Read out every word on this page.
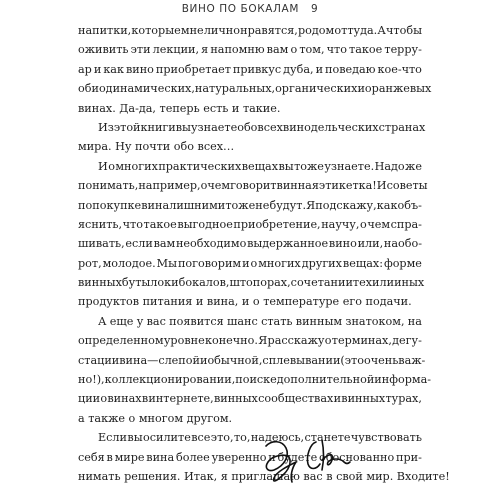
ВИНО ПО БОКАЛАМ 9
напитки, которые мне лично нравятся, родом оттуда. А чтобы
оживить эти лекции, я напомню вам о том, что такое терру-
ар и как вино приобретает привкус дуба, и поведаю кое-что
о биодинамических, натуральных, органических и оранжевых
винах. Да-да, теперь есть и такие.
Из этой книги вы узнаете обо всех винодельческих странах
мира. Ну почти обо всех…
И о многих практических вещах вы тоже узнаете. Надо же
понимать, например, о чем говорит винная этикетка! И советы
по покупке вина лишними тоже не будут. Я подскажу, как объ-
яснить, что такое выгодное приобретение, научу, о чем спра-
шивать, если вам необходимо выдержанное вино или, наобо-
рот, молодое. Мы поговорим и о многих других вещах: форме
винных бутылок и бокалов, штопорах, сочетании тех или иных
продуктов питания и вина, и о температуре его подачи.
А еще у вас появится шанс стать винным знатоком, на
определенном уровне конечно. Я расскажу о терминах, дегу-
стации вина — слепой и обычной, сплевывании (это очень важ-
но!), коллекционировании, поиске дополнительной информа-
ции о винах в интернете, винных сообществах и винных турах,
а также о многом другом.
Если вы осилите все это, то, надеюсь, станете чувствовать
себя в мире вина более уверенно и будете обоснованно при-
нимать решения. Итак, я приглашаю вас в свой мир. Входите!
